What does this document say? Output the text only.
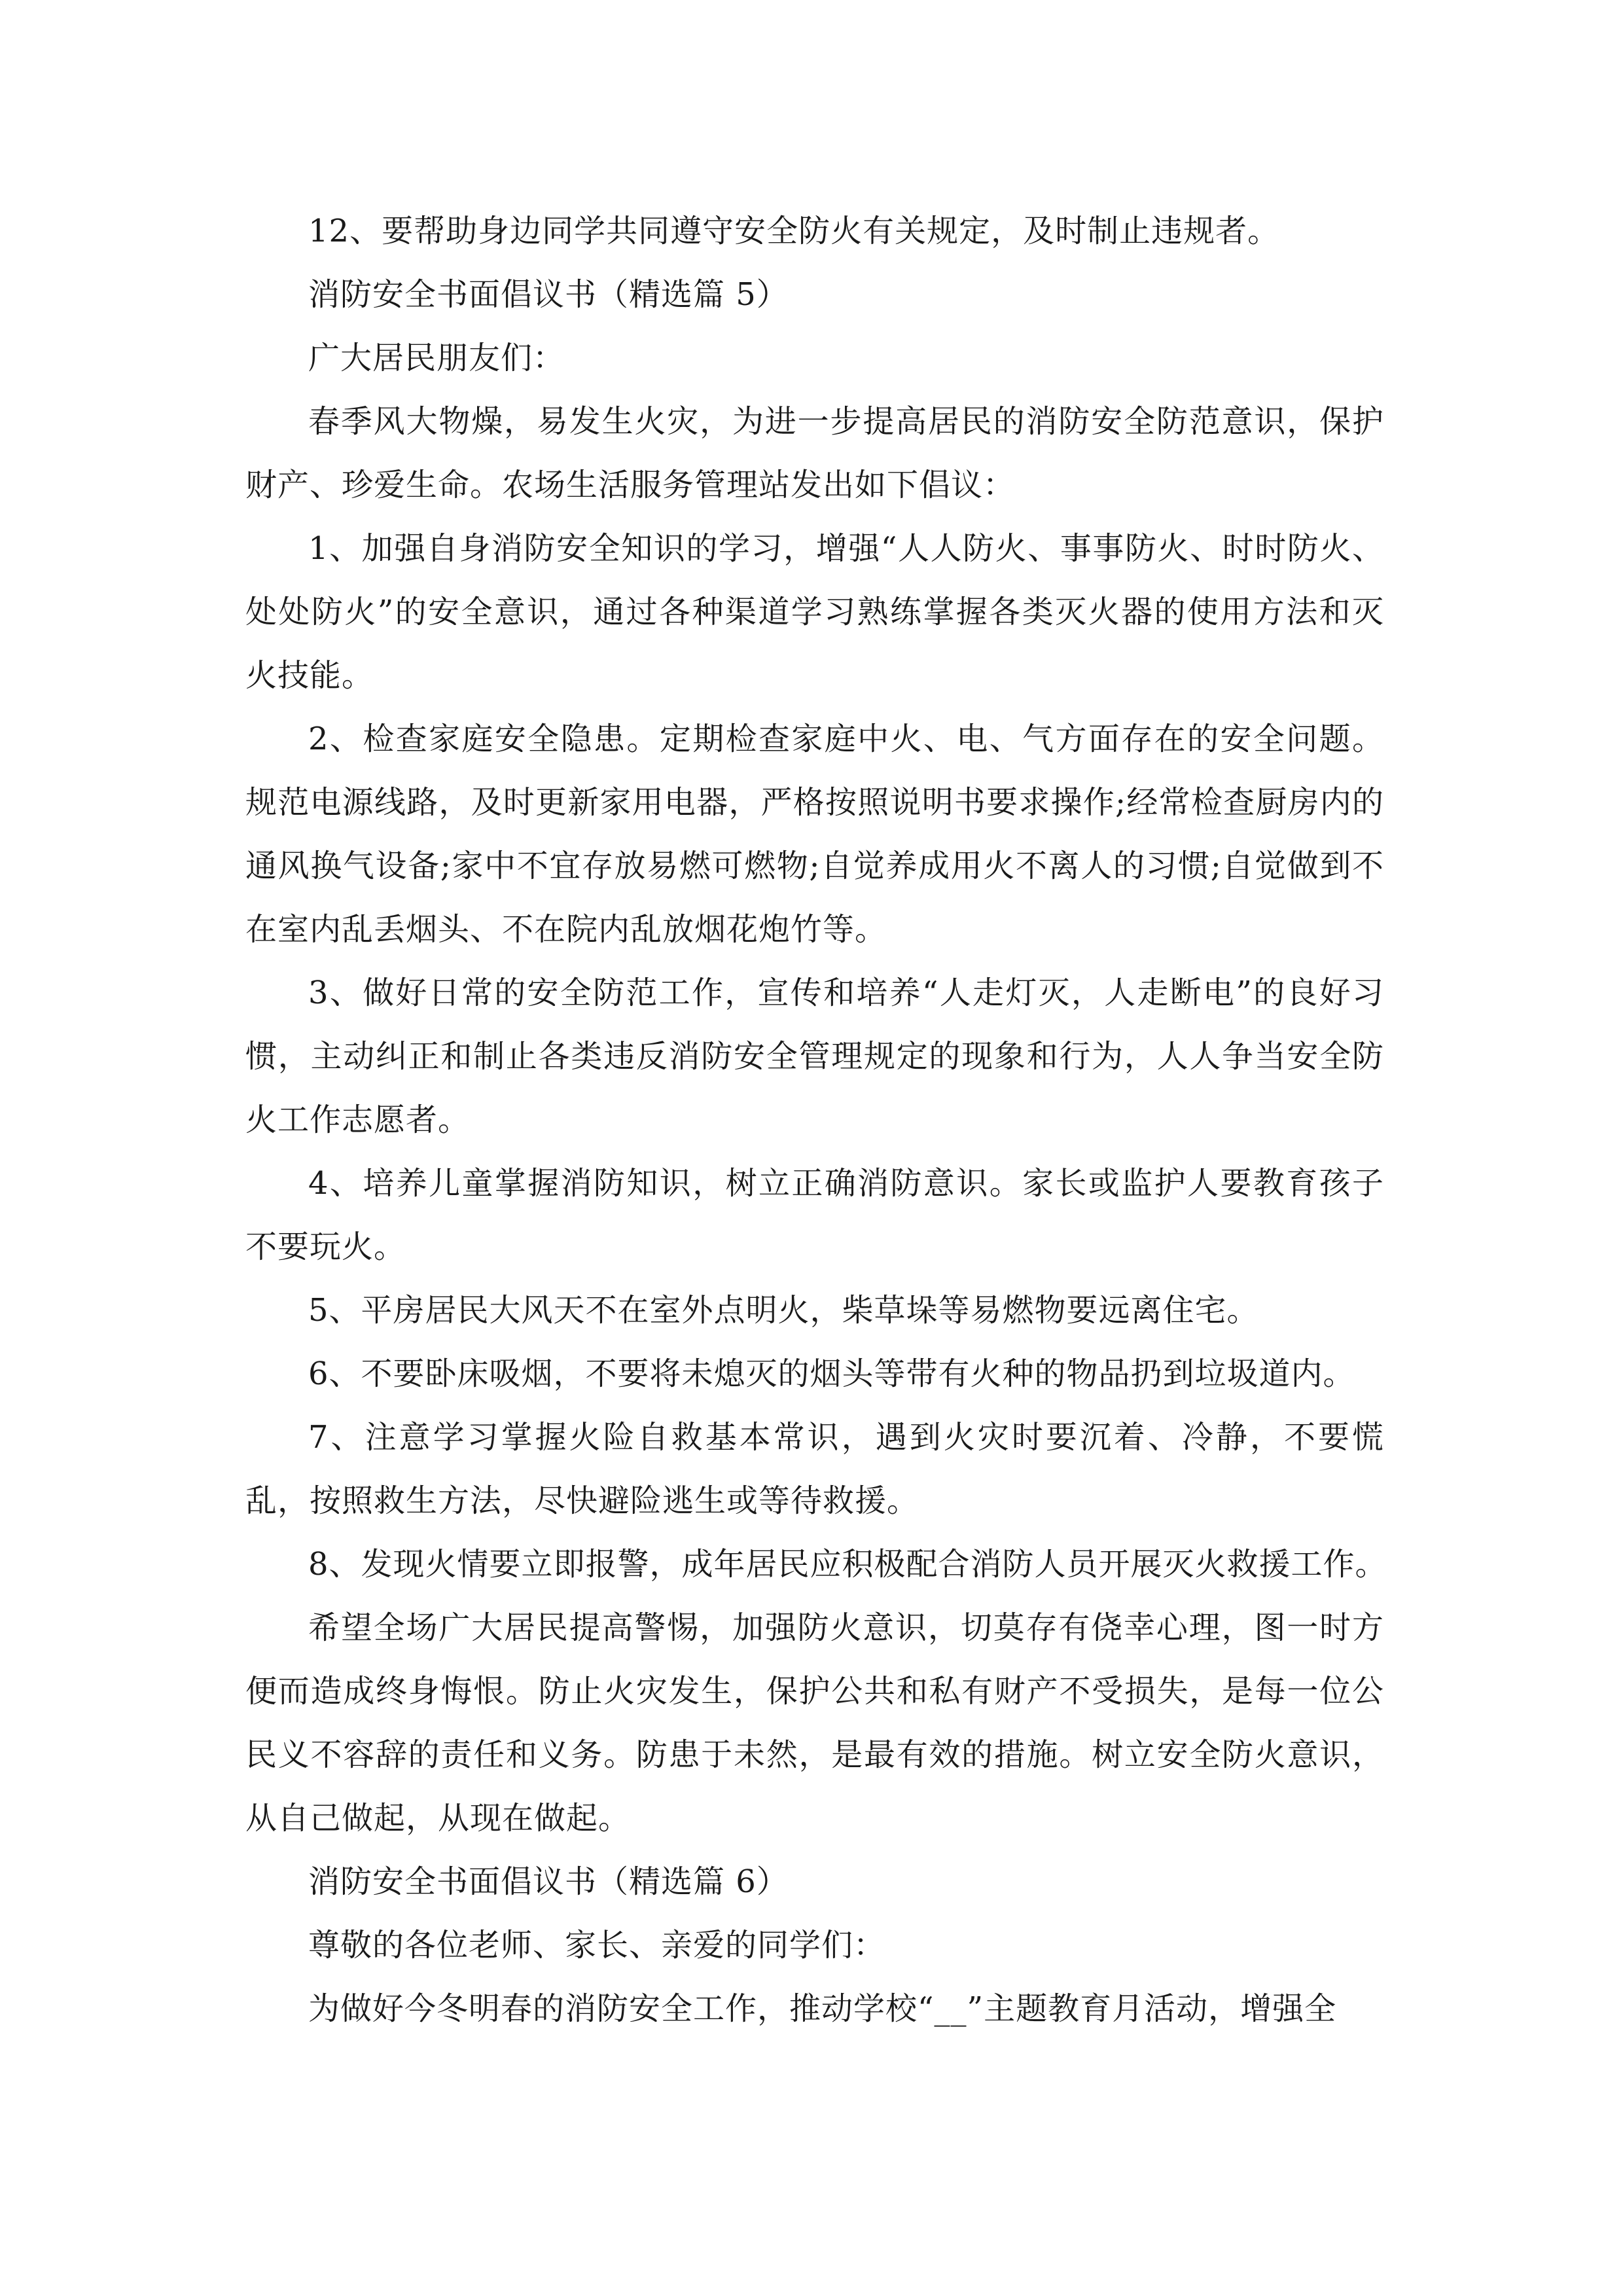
12、要帮助身边同学共同遵守安全防火有关规定，及时制止违规者。

消防安全书面倡议书（精选篇 5）

广大居民朋友们：

春季风大物燥，易发生火灾，为进一步提高居民的消防安全防范意识，保护财产、珍爱生命。农场生活服务管理站发出如下倡议：

1、加强自身消防安全知识的学习，增强“人人防火、事事防火、时时防火、处处防火”的安全意识，通过各种渠道学习熟练掌握各类灭火器的使用方法和灭火技能。

2、检查家庭安全隐患。定期检查家庭中火、电、气方面存在的安全问题。规范电源线路，及时更新家用电器，严格按照说明书要求操作;经常检查厨房内的通风换气设备;家中不宜存放易燃可燃物;自觉养成用火不离人的习惯;自觉做到不在室内乱丢烟头、不在院内乱放烟花炮竹等。

3、做好日常的安全防范工作，宣传和培养“人走灯灭，人走断电”的良好习惯，主动纠正和制止各类违反消防安全管理规定的现象和行为，人人争当安全防火工作志愿者。

4、培养儿童掌握消防知识，树立正确消防意识。家长或监护人要教育孩子不要玩火。

5、平房居民大风天不在室外点明火，柴草垛等易燃物要远离住宅。

6、不要卧床吸烟，不要将未熄灭的烟头等带有火种的物品扔到垃圾道内。

7、注意学习掌握火险自救基本常识，遇到火灾时要沉着、冷静，不要慌乱，按照救生方法，尽快避险逃生或等待救援。

8、发现火情要立即报警，成年居民应积极配合消防人员开展灭火救援工作。

希望全场广大居民提高警惕，加强防火意识，切莫存有侥幸心理，图一时方便而造成终身悔恨。防止火灾发生，保护公共和私有财产不受损失，是每一位公民义不容辞的责任和义务。防患于未然，是最有效的措施。树立安全防火意识，从自己做起，从现在做起。

消防安全书面倡议书（精选篇 6）

尊敬的各位老师、家长、亲爱的同学们：

为做好今冬明春的消防安全工作，推动学校“__”主题教育月活动，增强全
